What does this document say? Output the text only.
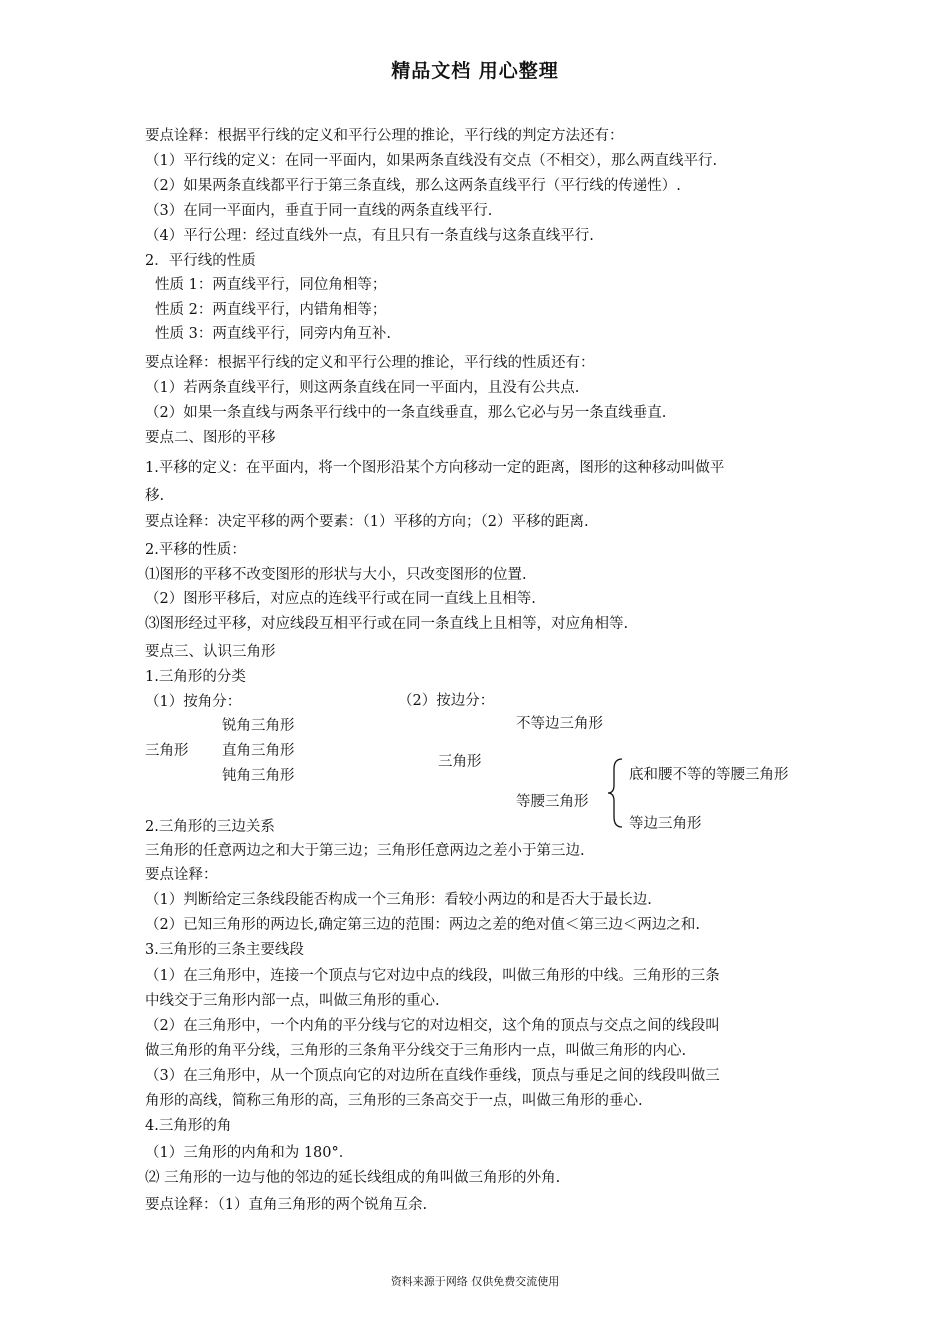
精品文档 用心整理
要点诠释：根据平行线的定义和平行公理的推论，平行线的判定方法还有：
（1）平行线的定义：在同一平面内，如果两条直线没有交点（不相交），那么两直线平行.
（2）如果两条直线都平行于第三条直线，那么这两条直线平行（平行线的传递性）.
（3）在同一平面内，垂直于同一直线的两条直线平行.
（4）平行公理：经过直线外一点，有且只有一条直线与这条直线平行.
2．平行线的性质
性质 1：两直线平行，同位角相等；
性质 2：两直线平行，内错角相等；
性质 3：两直线平行，同旁内角互补.
要点诠释：根据平行线的定义和平行公理的推论，平行线的性质还有：
（1）若两条直线平行，则这两条直线在同一平面内，且没有公共点.
（2）如果一条直线与两条平行线中的一条直线垂直，那么它必与另一条直线垂直.
要点二、图形的平移
1.平移的定义：在平面内，将一个图形沿某个方向移动一定的距离，图形的这种移动叫做平
移.
要点诠释：决定平移的两个要素：（1）平移的方向；（2）平移的距离.
2.平移的性质：
⑴图形的平移不改变图形的形状与大小，只改变图形的位置.
（2）图形平移后，对应点的连线平行或在同一直线上且相等.
⑶图形经过平移，对应线段互相平行或在同一条直线上且相等，对应角相等.
要点三、认识三角形
1.三角形的分类
（1）按角分：	（2）按边分：
锐角三角形
三角形 直角三角形
钝角三角形
不等边三角形
三角形
等腰三角形
底和腰不等的等腰三角形
等边三角形
2.三角形的三边关系
三角形的任意两边之和大于第三边；三角形任意两边之差小于第三边.
要点诠释：
（1）判断给定三条线段能否构成一个三角形：看较小两边的和是否大于最长边.
（2）已知三角形的两边长,确定第三边的范围：两边之差的绝对值＜第三边＜两边之和.
3.三角形的三条主要线段
（1）在三角形中，连接一个顶点与它对边中点的线段，叫做三角形的中线。三角形的三条
中线交于三角形内部一点，叫做三角形的重心.
（2）在三角形中，一个内角的平分线与它的对边相交，这个角的顶点与交点之间的线段叫
做三角形的角平分线，三角形的三条角平分线交于三角形内一点，叫做三角形的内心.
（3）在三角形中，从一个顶点向它的对边所在直线作垂线，顶点与垂足之间的线段叫做三
角形的高线，简称三角形的高，三角形的三条高交于一点，叫做三角形的垂心.
4.三角形的角
（1）三角形的内角和为 180°．
⑵ 三角形的一边与他的邻边的延长线组成的角叫做三角形的外角.
要点诠释：（1）直角三角形的两个锐角互余.
资料来源于网络 仅供免费交流使用
